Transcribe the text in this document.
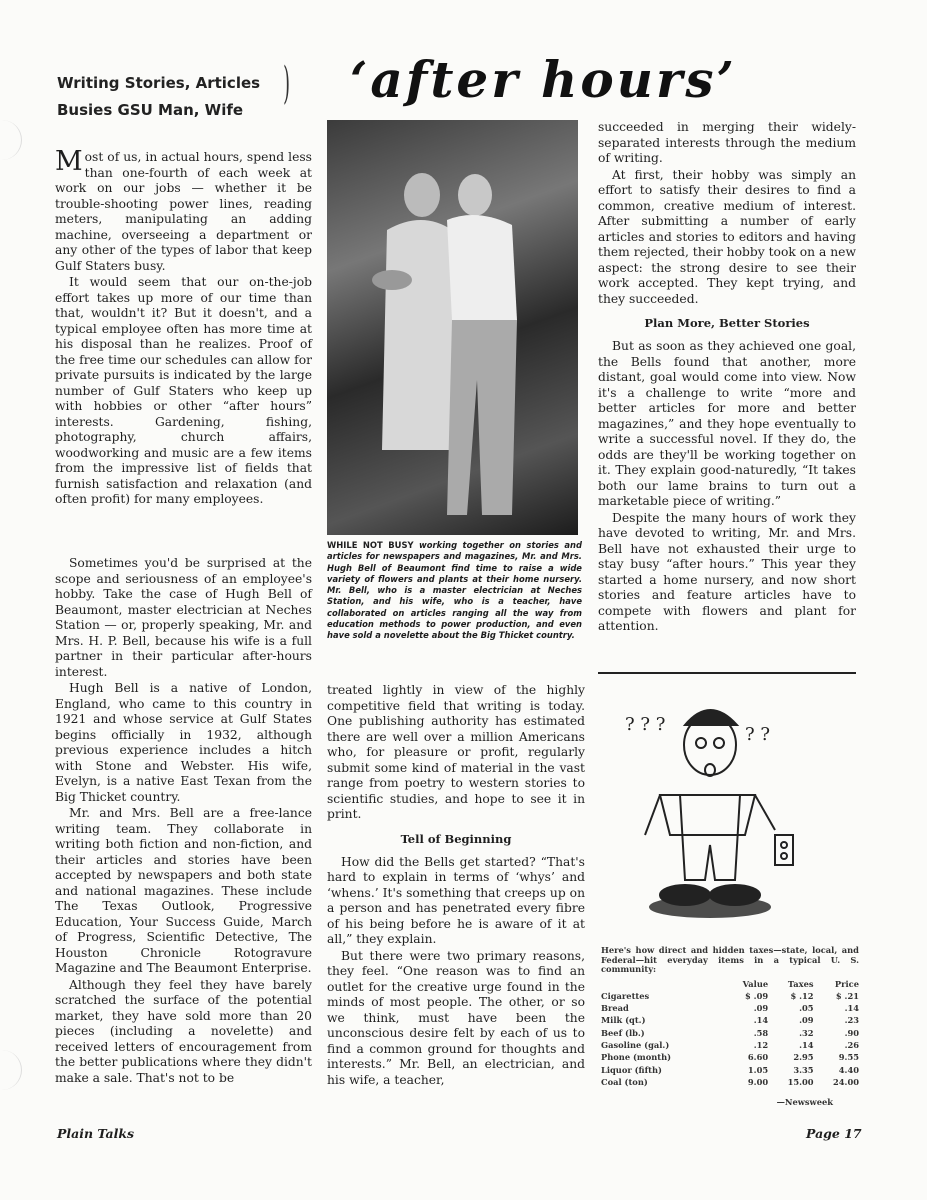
Writing Stories, Articles
Busies GSU Man, Wife
) ‘after hours’

Most of us, in actual hours, spend less than one-fourth of each week at work on our jobs — whether it be trouble-shooting power lines, reading meters, manipulating an adding machine, overseeing a department or any other of the types of labor that keep Gulf Staters busy.

It would seem that our on-the-job effort takes up more of our time than that, wouldn't it? But it doesn't, and a typical employee often has more time at his disposal than he realizes. Proof of the free time our schedules can allow for private pursuits is indicated by the large number of Gulf Staters who keep up with hobbies or other “after hours” interests. Gardening, fishing, photography, church affairs, woodworking and music are a few items from the impressive list of fields that furnish satisfaction and relaxation (and often profit) for many employees.

Sometimes you'd be surprised at the scope and seriousness of an employee's hobby. Take the case of Hugh Bell of Beaumont, master electrician at Neches Station — or, properly speaking, Mr. and Mrs. H. P. Bell, because his wife is a full partner in their particular after-hours interest.

Hugh Bell is a native of London, England, who came to this country in 1921 and whose service at Gulf States begins officially in 1932, although previous experience includes a hitch with Stone and Webster. His wife, Evelyn, is a native East Texan from the Big Thicket country.

Mr. and Mrs. Bell are a free-lance writing team. They collaborate in writing both fiction and non-fiction, and their articles and stories have been accepted by newspapers and both state and national magazines. These include The Texas Outlook, Progressive Education, Your Success Guide, March of Progress, Scientific Detective, The Houston Chronicle Rotogravure Magazine and The Beaumont Enterprise.

Although they feel they have barely scratched the surface of the potential market, they have sold more than 20 pieces (including a novelette) and received letters of encouragement from the better publications where they didn't make a sale. That's not to be

WHILE NOT BUSY working together on stories and articles for newspapers and magazines, Mr. and Mrs. Hugh Bell of Beaumont find time to raise a wide variety of flowers and plants at their home nursery. Mr. Bell, who is a master electrician at Neches Station, and his wife, who is a teacher, have collaborated on articles ranging all the way from education methods to power production, and even have sold a novelette about the Big Thicket country.

treated lightly in view of the highly competitive field that writing is today. One publishing authority has estimated there are well over a million Americans who, for pleasure or profit, regularly submit some kind of material in the vast range from poetry to western stories to scientific studies, and hope to see it in print.

Tell of Beginning

How did the Bells get started? “That's hard to explain in terms of ‘whys’ and ‘whens.’ It's something that creeps up on a person and has penetrated every fibre of his being before he is aware of it at all,” they explain.

But there were two primary reasons, they feel. “One reason was to find an outlet for the creative urge found in the minds of most people. The other, or so we think, must have been the unconscious desire felt by each of us to find a common ground for thoughts and interests.” Mr. Bell, an electrician, and his wife, a teacher,

succeeded in merging their widely-separated interests through the medium of writing.

At first, their hobby was simply an effort to satisfy their desires to find a common, creative medium of interest. After submitting a number of early articles and stories to editors and having them rejected, their hobby took on a new aspect: the strong desire to see their work accepted. They kept trying, and they succeeded.

Plan More, Better Stories

But as soon as they achieved one goal, the Bells found that another, more distant, goal would come into view. Now it's a challenge to write “more and better articles for more and better magazines,” and they hope eventually to write a successful novel. If they do, the odds are they'll be working together on it. They explain good-naturedly, “It takes both our lame brains to turn out a marketable piece of writing.”

Despite the many hours of work they have devoted to writing, Mr. and Mrs. Bell have not exhausted their urge to stay busy “after hours.” This year they started a home nursery, and now short stories and feature articles have to compete with flowers and plant for attention.

? ? ?	? ?
Here's how direct and hidden taxes—state, local, and Federal—hit everyday items in a typical U. S. community:
	Value	Taxes	Price
Cigarettes	$ .09	$ .12	$ .21
Bread	.09	.05	.14
Milk (qt.)	.14	.09	.23
Beef (lb.)	.58	.32	.90
Gasoline (gal.)	.12	.14	.26
Phone (month)	6.60	2.95	9.55
Liquor (fifth)	1.05	3.35	4.40
Coal (ton)	9.00	15.00	24.00
—Newsweek
Plain Talks	Page 17
